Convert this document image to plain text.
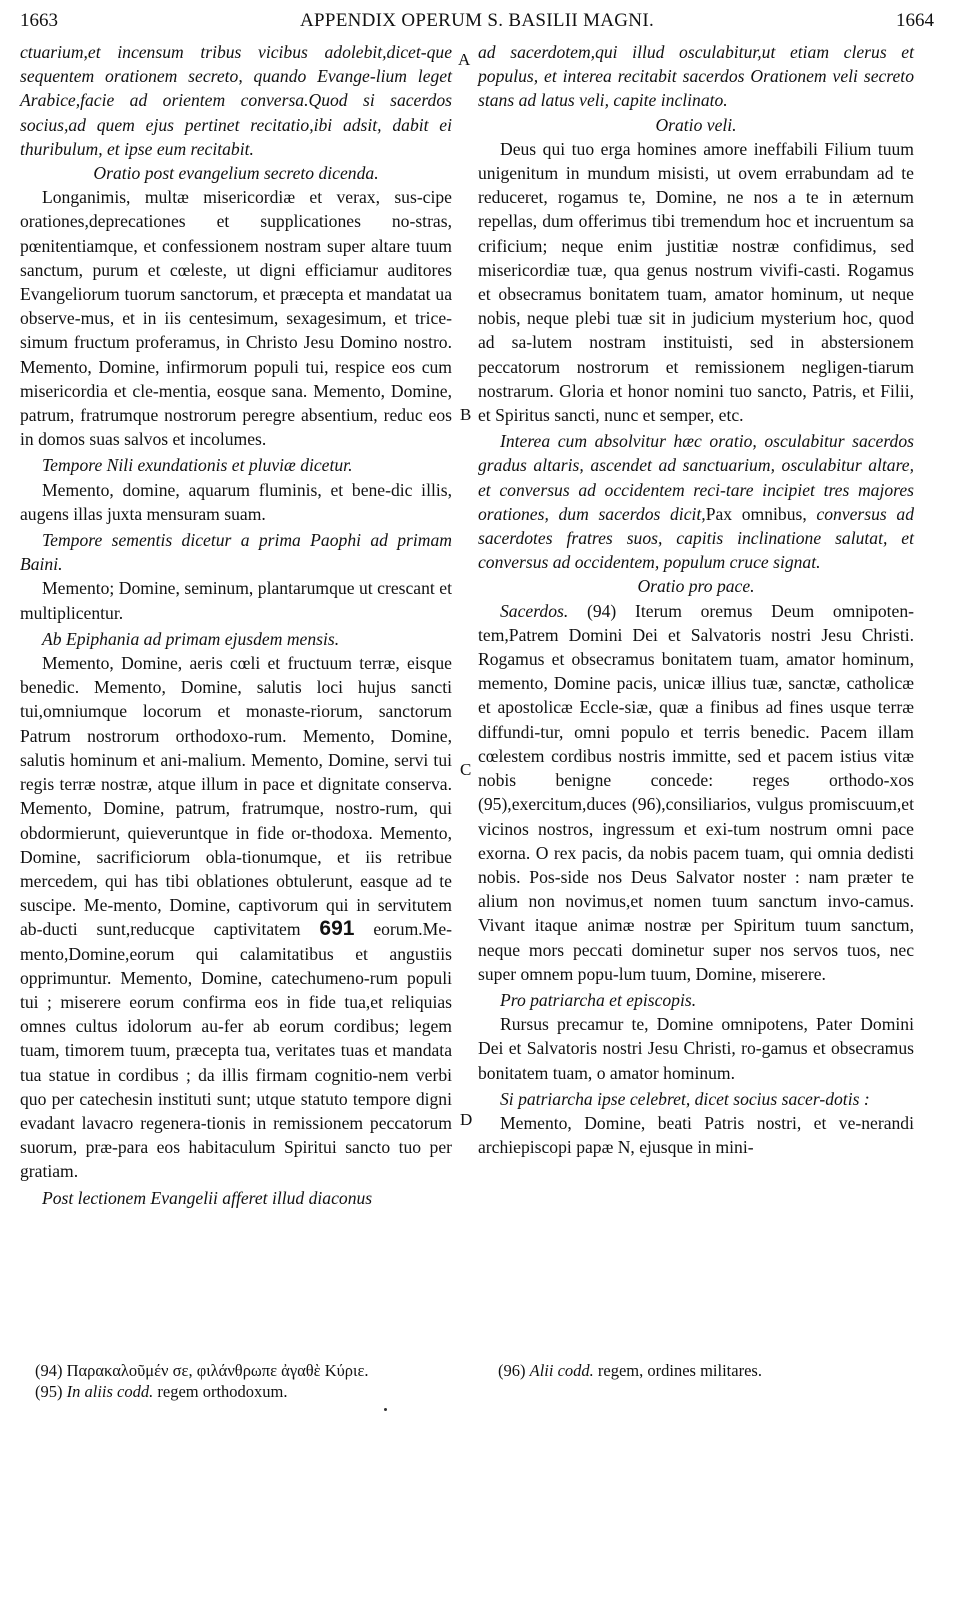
1663	APPENDIX OPERUM S. BASILII MAGNI.	1664

ctuarium,et incensum tribus vicibus adolebit,dicet-que sequentem orationem secreto, quando Evange-lium leget Arabice,facie ad orientem conversa.Quod si sacerdos socius,ad quem ejus pertinet recitatio,ibi adsit, dabit ei thuribulum, et ipse eum recitabit.

Oratio post evangelium secreto dicenda.

Longanimis, multæ misericordiæ et verax, sus-cipe orationes,deprecationes et supplicationes no-stras, pœnitentiamque, et confessionem nostram super altare tuum sanctum, purum et cœleste, ut digni efficiamur auditores Evangeliorum tuorum sanctorum, et præcepta et mandatat ua observe-mus, et in iis centesimum, sexagesimum, et trice-simum fructum proferamus, in Christo Jesu Domino nostro. Memento, Domine, infirmorum populi tui, respice eos cum misericordia et cle-mentia, eosque sana. Memento, Domine, patrum, fratrumque nostrorum peregre absentium, reduc eos in domos suas salvos et incolumes.

Tempore Nili exundationis et pluviæ dicetur.

Memento, domine, aquarum fluminis, et bene-dic illis, augens illas juxta mensuram suam.

Tempore sementis dicetur a prima Paophi ad primam Baini.

Memento; Domine, seminum, plantarumque ut crescant et multiplicentur.

Ab Epiphania ad primam ejusdem mensis.

Memento, Domine, aeris cœli et fructuum terræ, eisque benedic. Memento, Domine, salutis loci hujus sancti tui,omniumque locorum et monaste-riorum, sanctorum Patrum nostrorum orthodoxo-rum. Memento, Domine, salutis hominum et ani-malium. Memento, Domine, servi tui regis terræ nostræ, atque illum in pace et dignitate conserva. Memento, Domine, patrum, fratrumque, nostro-rum, qui obdormierunt, quieveruntque in fide or-thodoxa. Memento, Domine, sacrificiorum obla-tionumque, et iis retribue mercedem, qui has tibi oblationes obtulerunt, easque ad te suscipe. Me-mento, Domine, captivorum qui in servitutem ab-ducti sunt,reducque captivitatem 691 eorum.Me-mento,Domine,eorum qui calamitatibus et angustiis opprimuntur. Memento, Domine, catechumeno-rum populi tui ; miserere eorum confirma eos in fide tua,et reliquias omnes cultus idolorum au-fer ab eorum cordibus; legem tuam, timorem tuum, præcepta tua, veritates tuas et mandata tua statue in cordibus ; da illis firmam cognitio-nem verbi quo per catechesin instituti sunt; utque statuto tempore digni evadant lavacro regenera-tionis in remissionem peccatorum suorum, præ-para eos habitaculum Spiritui sancto tuo per gratiam.

Post lectionem Evangelii afferet illud diaconus

ad sacerdotem,qui illud osculabitur,ut etiam clerus et populus, et interea recitabit sacerdos Orationem veli secreto stans ad latus veli, capite inclinato.

Oratio veli.

Deus qui tuo erga homines amore ineffabili Filium tuum unigenitum in mundum misisti, ut ovem errabundam ad te reduceret, rogamus te, Domine, ne nos a te in æternum repellas, dum offerimus tibi tremendum hoc et incruentum sa crificium; neque enim justitiæ nostræ confidimus, sed misericordiæ tuæ, qua genus nostrum vivifi-casti. Rogamus et obsecramus bonitatem tuam, amator hominum, ut neque nobis, neque plebi tuæ sit in judicium mysterium hoc, quod ad sa-lutem nostram instituisti, sed in abstersionem peccatorum nostrorum et remissionem negligen-tiarum nostrarum. Gloria et honor nomini tuo sancto, Patris, et Filii, et Spiritus sancti, nunc et semper, etc.

Interea cum absolvitur hæc oratio, osculabitur sacerdos gradus altaris, ascendet ad sanctuarium, osculabitur altare, et conversus ad occidentem reci-tare incipiet tres majores orationes, dum sacerdos dicit,Pax omnibus, conversus ad sacerdotes fratres suos, capitis inclinatione salutat, et conversus ad occidentem, populum cruce signat.

Oratio pro pace.

Sacerdos. (94) Iterum oremus Deum omnipoten-tem,Patrem Domini Dei et Salvatoris nostri Jesu Christi. Rogamus et obsecramus bonitatem tuam, amator hominum, memento, Domine pacis, unicæ illius tuæ, sanctæ, catholicæ et apostolicæ Eccle-siæ, quæ a finibus ad fines usque terræ diffundi-tur, omni populo et terris benedic. Pacem illam cœlestem cordibus nostris immitte, sed et pacem istius vitæ nobis benigne concede: reges orthodo-xos (95),exercitum,duces (96),consiliarios, vulgus promiscuum,et vicinos nostros, ingressum et exi-tum nostrum omni pace exorna. O rex pacis, da nobis pacem tuam, qui omnia dedisti nobis. Pos-side nos Deus Salvator noster : nam præter te alium non novimus,et nomen tuum sanctum invo-camus. Vivant itaque animæ nostræ per Spiritum tuum sanctum, neque mors peccati dominetur super nos servos tuos, nec super omnem popu-lum tuum, Domine, miserere.

Pro patriarcha et episcopis.

Rursus precamur te, Domine omnipotens, Pater Domini Dei et Salvatoris nostri Jesu Christi, ro-gamus et obsecramus bonitatem tuam, o amator hominum.

Si patriarcha ipse celebret, dicet socius sacer-dotis :

Memento, Domine, beati Patris nostri, et ve-nerandi archiepiscopi papæ N, ejusque in mini-

A
B
C
D

(94) Παρακαλοῦμέν σε, φιλάνθρωπε ἀγαθὲ Κύριε.

(95) In aliis codd. regem orthodoxum.

(96) Alii codd. regem, ordines militares.
